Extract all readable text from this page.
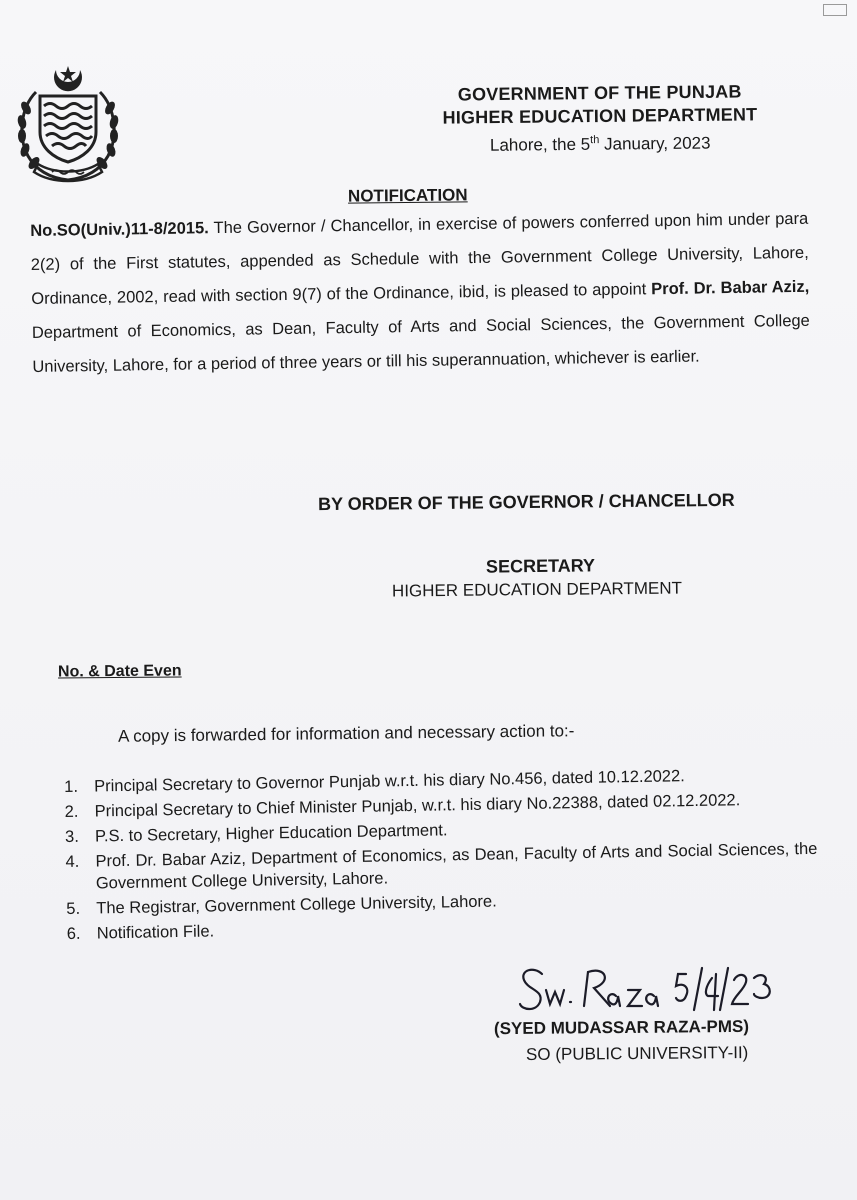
GOVERNMENT OF THE PUNJAB
HIGHER EDUCATION DEPARTMENT
Lahore, the 5th January, 2023
NOTIFICATION
No.SO(Univ.)11-8/2015. The Governor / Chancellor, in exercise of powers conferred upon him under para 2(2) of the First statutes, appended as Schedule with the Government College University, Lahore, Ordinance, 2002, read with section 9(7) of the Ordinance, ibid, is pleased to appoint Prof. Dr. Babar Aziz, Department of Economics, as Dean, Faculty of Arts and Social Sciences, the Government College University, Lahore, for a period of three years or till his superannuation, whichever is earlier.
BY ORDER OF THE GOVERNOR / CHANCELLOR
SECRETARY
HIGHER EDUCATION DEPARTMENT
No. & Date Even
A copy is forwarded for information and necessary action to:-
1. Principal Secretary to Governor Punjab w.r.t. his diary No.456, dated 10.12.2022.
2. Principal Secretary to Chief Minister Punjab, w.r.t. his diary No.22388, dated 02.12.2022.
3. P.S. to Secretary, Higher Education Department.
4. Prof. Dr. Babar Aziz, Department of Economics, as Dean, Faculty of Arts and Social Sciences, the Government College University, Lahore.
5. The Registrar, Government College University, Lahore.
6. Notification File.
(SYED MUDASSAR RAZA-PMS)
SO (PUBLIC UNIVERSITY-II)
